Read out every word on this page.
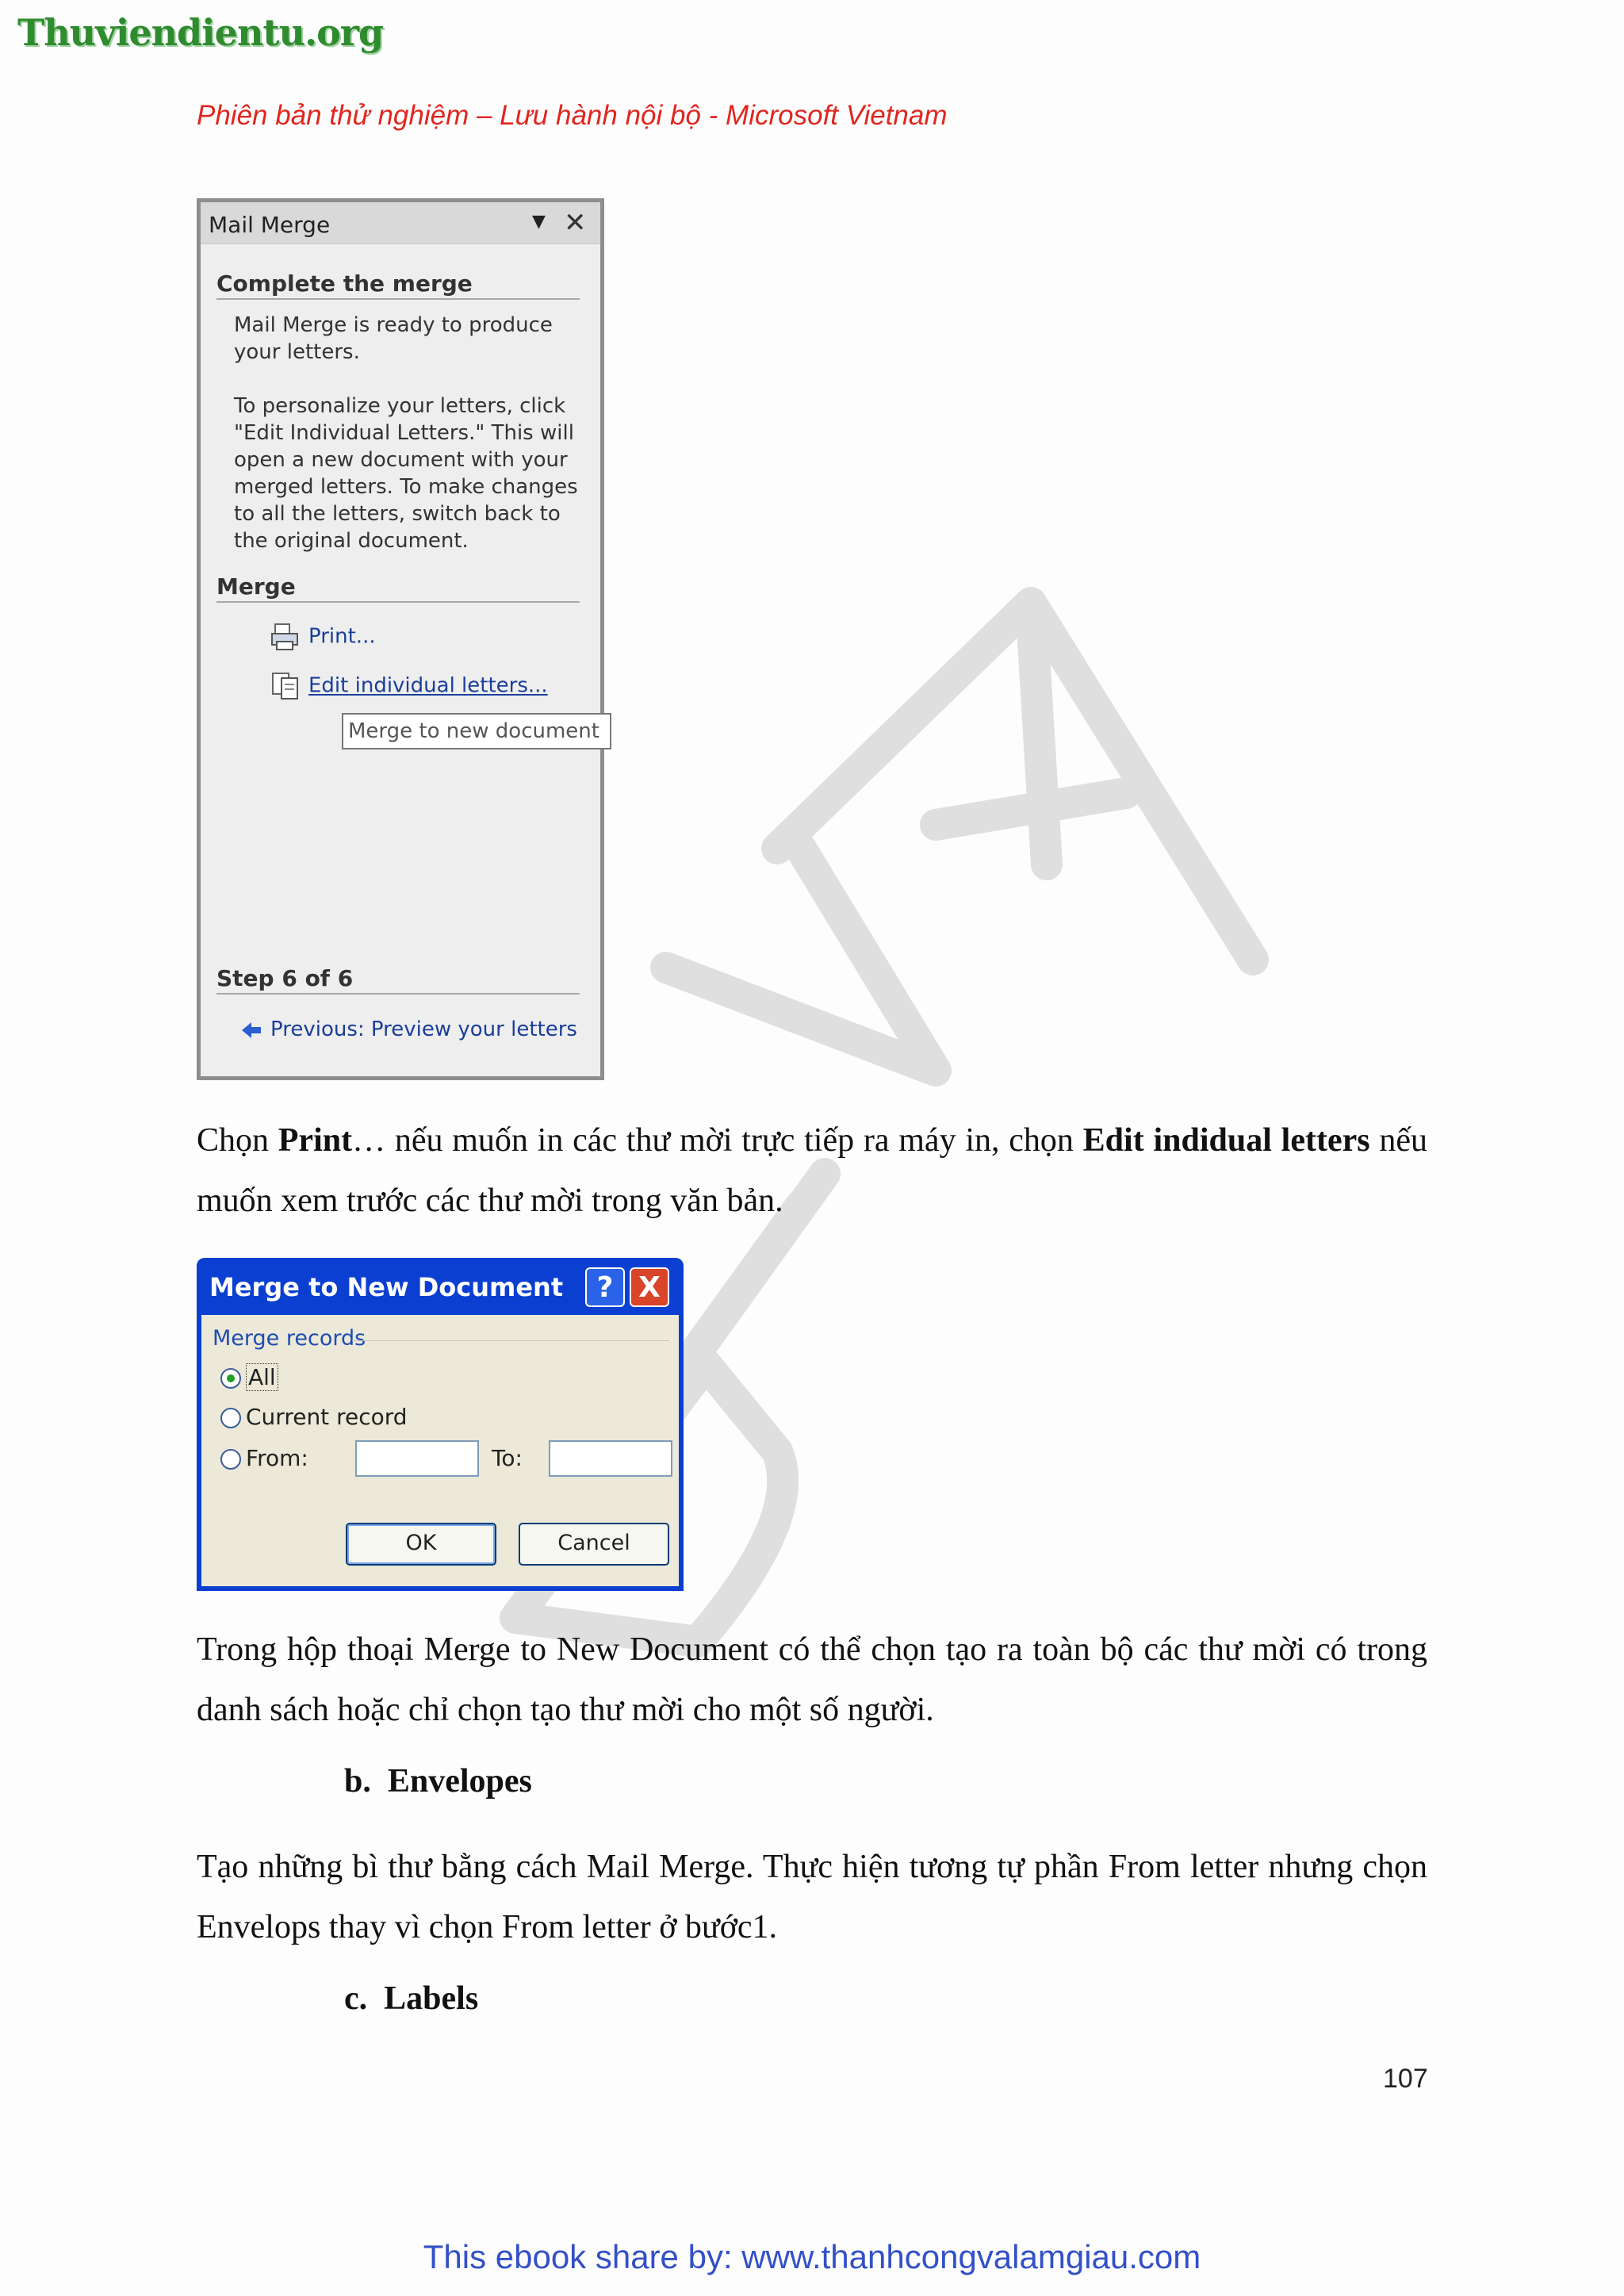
Thuviendientu.org
Phiên bản thử nghiệm – Lưu hành nội bộ - Microsoft Vietnam
Mail Merge	▼ ✕
Complete the merge
Mail Merge is ready to produce your letters.
To personalize your letters, click "Edit Individual Letters." This will open a new document with your merged letters. To make changes to all the letters, switch back to the original document.
Merge
Print...
Edit individual letters...
Merge to new document
Step 6 of 6
Previous: Preview your letters
Chọn Print… nếu muốn in các thư mời trực tiếp ra máy in, chọn Edit indidual letters nếu muốn xem trước các thư mời trong văn bản.
Merge to New Document	? X
Merge records
All
Current record
From:	To:
OK	Cancel
Trong hộp thoại Merge to New Document có thể chọn tạo ra toàn bộ các thư mời có trong danh sách hoặc chỉ chọn tạo thư mời cho một số người.
b. Envelopes
Tạo những bì thư bằng cách Mail Merge. Thực hiện tương tự phần From letter nhưng chọn Envelops thay vì chọn From letter ở bước1.
c. Labels
107
This ebook share by: www.thanhcongvalamgiau.com
